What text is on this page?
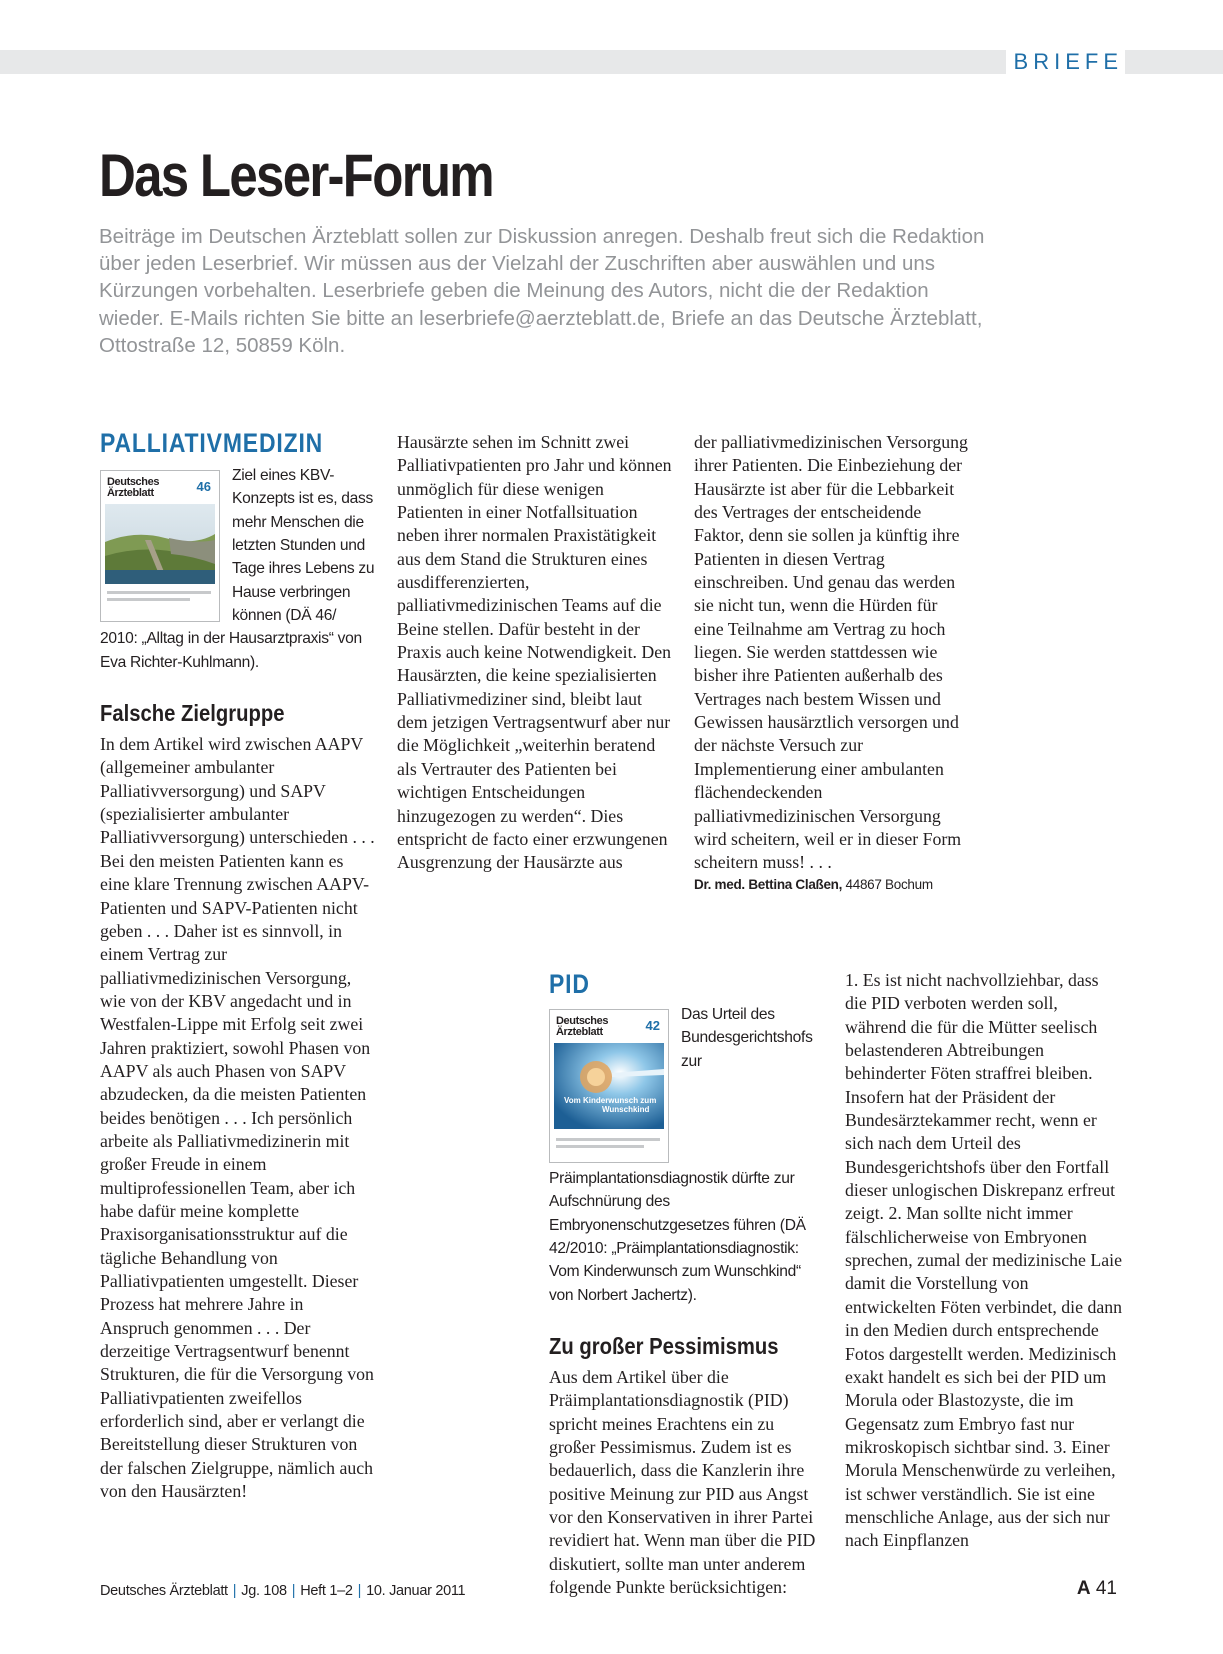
BRIEFE
Das Leser-Forum

Beiträge im Deutschen Ärzteblatt sollen zur Diskussion anregen. Deshalb freut sich die Redaktion über jeden Leserbrief. Wir müssen aus der Vielzahl der Zuschriften aber auswählen und uns Kürzungen vorbehalten. Leserbriefe geben die Meinung des Autors, nicht die der Redaktion wieder. E-Mails richten Sie bitte an leserbriefe@aerzteblatt.de, Briefe an das Deutsche Ärzteblatt, Ottostraße 12, 50859 Köln.

PALLIATIVMEDIZIN
Deutsches
Ärzteblatt	46

Ziel eines KBV-Konzepts ist es, dass mehr Menschen die letzten Stunden und Tage ihres Lebens zu Hause verbringen können (DÄ 46/ 2010: „Alltag in der Hausarztpraxis“ von Eva Richter-Kuhlmann).

Falsche Zielgruppe

In dem Artikel wird zwischen AAPV (allgemeiner ambulanter Palliativversorgung) und SAPV (spezialisierter ambulanter Palliativversorgung) unterschieden . . . Bei den meisten Patienten kann es eine klare Trennung zwischen AAPV-Patienten und SAPV-Patienten nicht geben . . . Daher ist es sinnvoll, in einem Vertrag zur palliativmedizinischen Versorgung, wie von der KBV angedacht und in Westfalen-Lippe mit Erfolg seit zwei Jahren praktiziert, sowohl Phasen von AAPV als auch Phasen von SAPV abzudecken, da die meisten Patienten beides benötigen . . . Ich persönlich arbeite als Palliativmedizinerin mit großer Freude in einem multiprofessionellen Team, aber ich habe dafür meine komplette Praxisorganisationsstruktur auf die tägliche Behandlung von Palliativpatienten umgestellt. Dieser Prozess hat mehrere Jahre in Anspruch genommen . . . Der derzeitige Vertragsentwurf benennt Strukturen, die für die Versorgung von Palliativpatienten zweifellos erforderlich sind, aber er verlangt die Bereitstellung dieser Strukturen von der falschen Zielgruppe, nämlich auch von den Hausärzten!

Hausärzte sehen im Schnitt zwei Palliativpatienten pro Jahr und können unmöglich für diese wenigen Patienten in einer Notfallsituation neben ihrer normalen Praxistätigkeit aus dem Stand die Strukturen eines ausdifferenzierten, palliativmedizinischen Teams auf die Beine stellen. Dafür besteht in der Praxis auch keine Notwendigkeit. Den Hausärzten, die keine spezialisierten Palliativmediziner sind, bleibt laut dem jetzigen Vertragsentwurf aber nur die Möglichkeit „weiterhin beratend als Vertrauter des Patienten bei wichtigen Entscheidungen hinzugezogen zu werden“. Dies entspricht de facto einer erzwungenen Ausgrenzung der Hausärzte aus

der palliativmedizinischen Versorgung ihrer Patienten. Die Einbeziehung der Hausärzte ist aber für die Lebbarkeit des Vertrages der entscheidende Faktor, denn sie sollen ja künftig ihre Patienten in diesen Vertrag einschreiben. Und genau das werden sie nicht tun, wenn die Hürden für eine Teilnahme am Vertrag zu hoch liegen. Sie werden stattdessen wie bisher ihre Patienten außerhalb des Vertrages nach bestem Wissen und Gewissen hausärztlich versorgen und der nächste Versuch zur Implementierung einer ambulanten flächendeckenden palliativmedizinischen Versorgung wird scheitern, weil er in dieser Form scheitern muss! . . .

Dr. med. Bettina Claßen, 44867 Bochum
PID
Deutsches
Ärzteblatt	42
Vom Kinderwunsch zum
Wunschkind

Das Urteil des Bundesgerichtshofs zur Präimplantationsdiagnostik dürfte zur Aufschnürung des Embryonenschutzgesetzes führen (DÄ 42/2010: „Präimplantationsdiagnostik: Vom Kinderwunsch zum Wunschkind“ von Norbert Jachertz).

Zu großer Pessimismus

Aus dem Artikel über die Präimplantationsdiagnostik (PID) spricht meines Erachtens ein zu großer Pessimismus. Zudem ist es bedauerlich, dass die Kanzlerin ihre positive Meinung zur PID aus Angst vor den Konservativen in ihrer Partei revidiert hat. Wenn man über die PID diskutiert, sollte man unter anderem folgende Punkte berücksichtigen:

1. Es ist nicht nachvollziehbar, dass die PID verboten werden soll, während die für die Mütter seelisch belastenderen Abtreibungen behinderter Föten straffrei bleiben. Insofern hat der Präsident der Bundesärztekammer recht, wenn er sich nach dem Urteil des Bundesgerichtshofs über den Fortfall dieser unlogischen Diskrepanz erfreut zeigt. 2. Man sollte nicht immer fälschlicherweise von Embryonen sprechen, zumal der medizinische Laie damit die Vorstellung von entwickelten Föten verbindet, die dann in den Medien durch entsprechende Fotos dargestellt werden. Medizinisch exakt handelt es sich bei der PID um Morula oder Blastozyste, die im Gegensatz zum Embryo fast nur mikroskopisch sichtbar sind. 3. Einer Morula Menschenwürde zu verleihen, ist schwer verständlich. Sie ist eine menschliche Anlage, aus der sich nur nach Einpflanzen

Deutsches Ärzteblatt | Jg. 108 | Heft 1–2 | 10. Januar 2011	A 41
